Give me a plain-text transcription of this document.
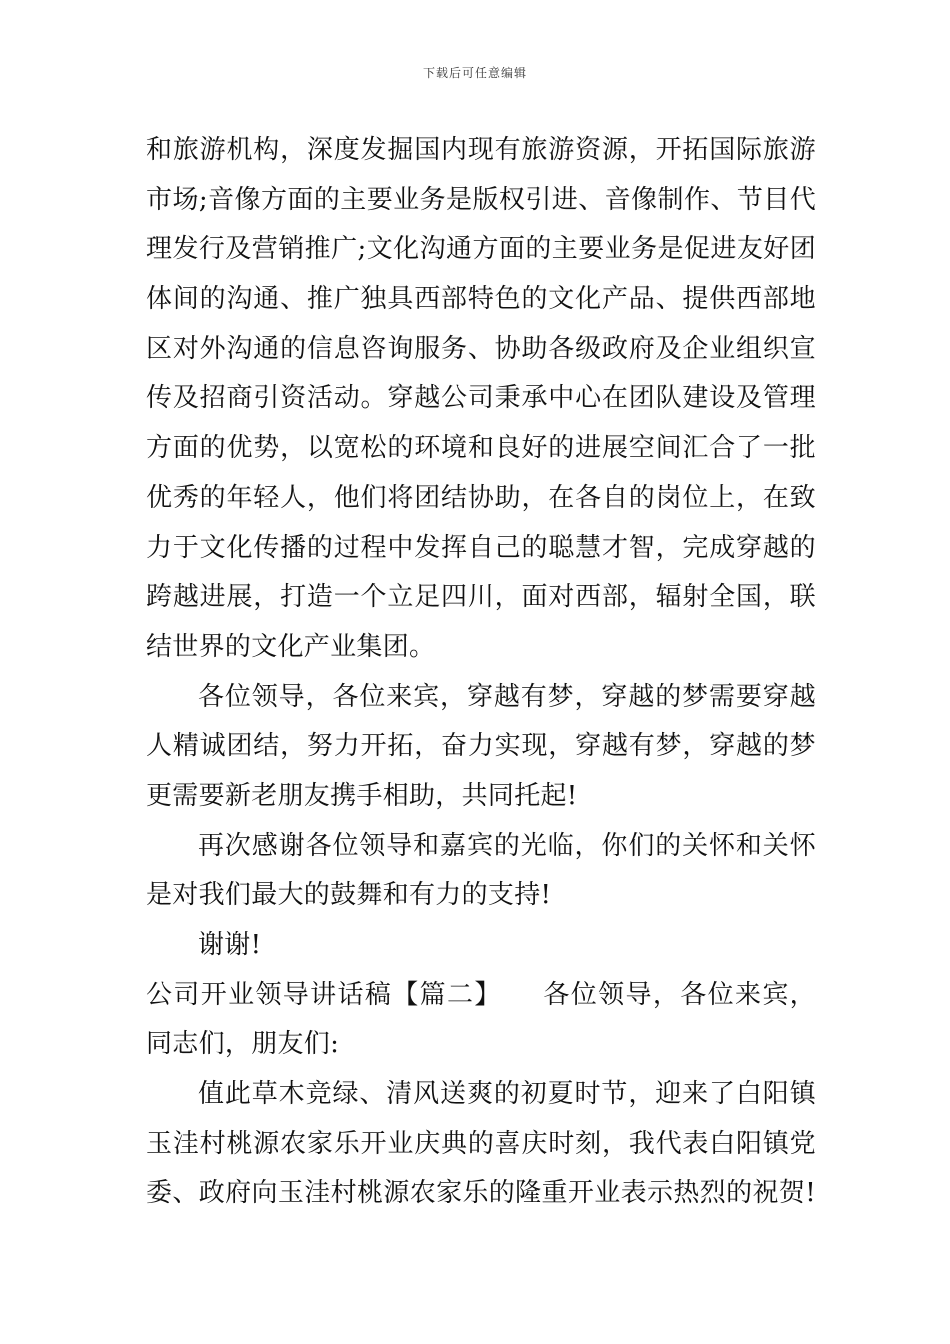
下载后可任意编辑
和旅游机构，深度发掘国内现有旅游资源，开拓国际旅游
市场;音像方面的主要业务是版权引进、音像制作、节目代
理发行及营销推广;文化沟通方面的主要业务是促进友好团
体间的沟通、推广独具西部特色的文化产品、提供西部地
区对外沟通的信息咨询服务、协助各级政府及企业组织宣
传及招商引资活动。穿越公司秉承中心在团队建设及管理
方面的优势，以宽松的环境和良好的进展空间汇合了一批
优秀的年轻人，他们将团结协助，在各自的岗位上，在致
力于文化传播的过程中发挥自己的聪慧才智，完成穿越的
跨越进展，打造一个立足四川，面对西部，辐射全国，联
结世界的文化产业集团。
各位领导，各位来宾，穿越有梦，穿越的梦需要穿越
人精诚团结，努力开拓，奋力实现，穿越有梦，穿越的梦
更需要新老朋友携手相助，共同托起!
再次感谢各位领导和嘉宾的光临，你们的关怀和关怀
是对我们最大的鼓舞和有力的支持!
谢谢!
公司开业领导讲话稿【篇二】　　各位领导，各位来宾，
同志们，朋友们:
值此草木竞绿、清风送爽的初夏时节，迎来了白阳镇
玉洼村桃源农家乐开业庆典的喜庆时刻，我代表白阳镇党
委、政府向玉洼村桃源农家乐的隆重开业表示热烈的祝贺!
